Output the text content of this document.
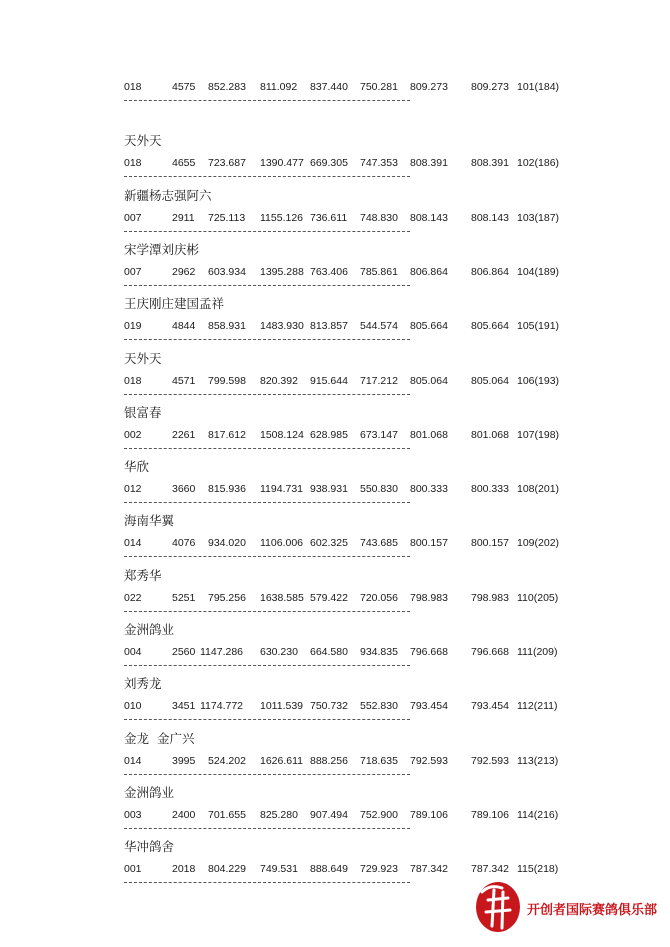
018	4575 852.283 811.092 837.440 750.281 809.273 809.273 101(184)
天外天
018	4655 723.687 1390.477 669.305 747.353 808.391 808.391 102(186)
新疆杨志强阿六
007	2911 725.113 1155.126 736.611 748.830 808.143 808.143 103(187)
宋学潭刘庆彬
007	2962 603.934 1395.288 763.406 785.861 806.864 806.864 104(189)
王庆刚庄建国孟祥
019	4844 858.931 1483.930 813.857 544.574 805.664 805.664 105(191)
天外天
018	4571 799.598 820.392 915.644 717.212 805.064 805.064 106(193)
银富春
002	2261 817.612 1508.124 628.985 673.147 801.068 801.068 107(198)
华欣
012	3660 815.936 1194.731 938.931 550.830 800.333 800.333 108(201)
海南华翼
014	4076 934.020 1106.006 602.325 743.685 800.157 800.157 109(202)
郑秀华
022	5251 795.256 1638.585 579.422 720.056 798.983 798.983 110(205)
金洲鸽业
004	2560 1147.286 630.230 664.580 934.835 796.668 796.668 111(209)
刘秀龙
010	3451 1174.772 1011.539 750.732 552.830 793.454 793.454 112(211)
金龙  金广兴
014	3995 524.202 1626.611 888.256 718.635 792.593 792.593 113(213)
金洲鸽业
003	2400 701.655 825.280 907.494 752.900 789.106 789.106 114(216)
华冲鸽舍
001	2018 804.229 749.531 888.649 729.923 787.342 787.342 115(218)
开创者国际赛鸽俱乐部
